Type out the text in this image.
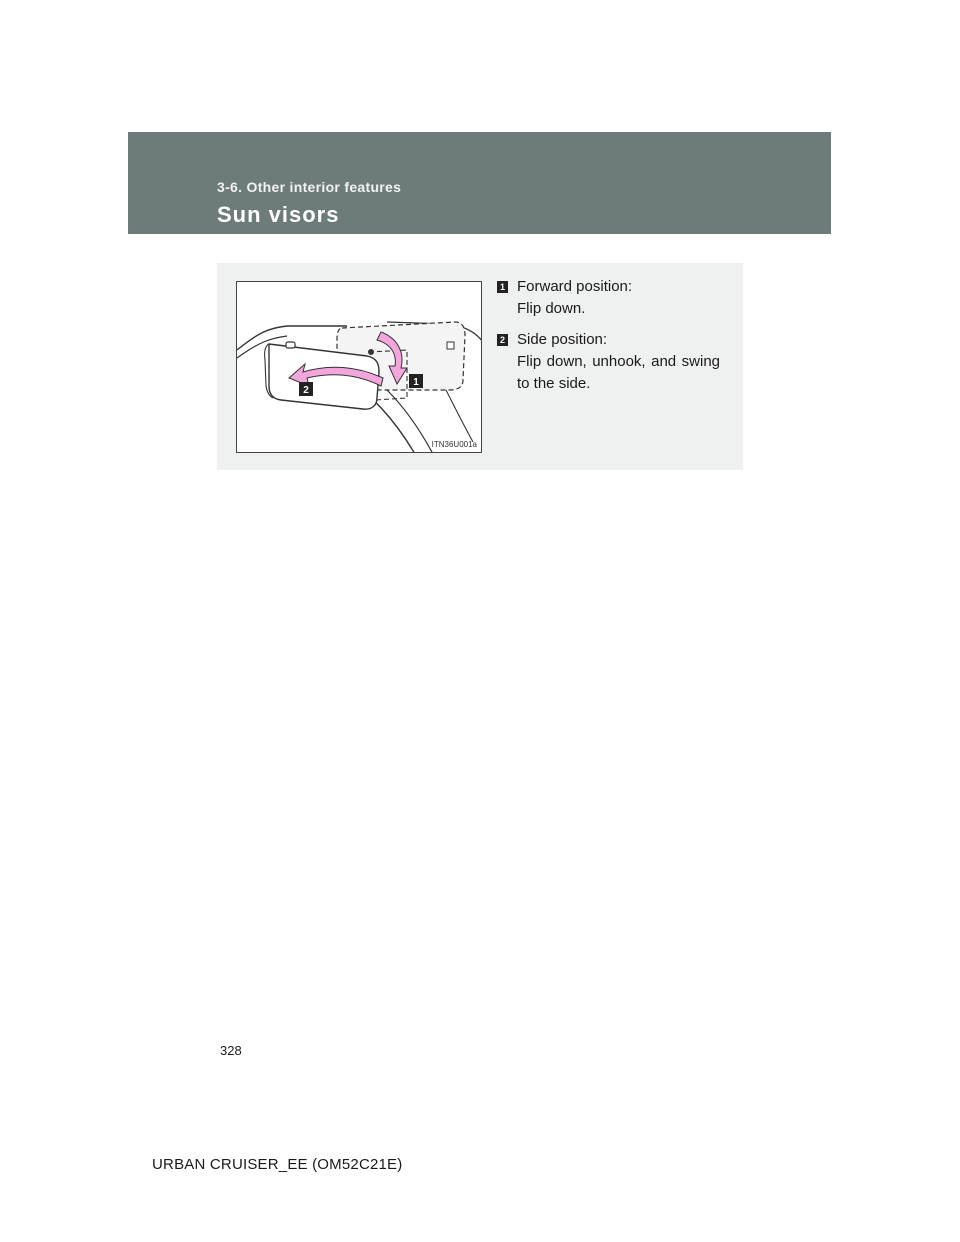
3-6. Other interior features
Sun visors
1
2
ITN36U001a
1 Forward position:
Flip down.
2 Side position:
Flip down, unhook, and swing to the side.
328
URBAN CRUISER_EE (OM52C21E)
